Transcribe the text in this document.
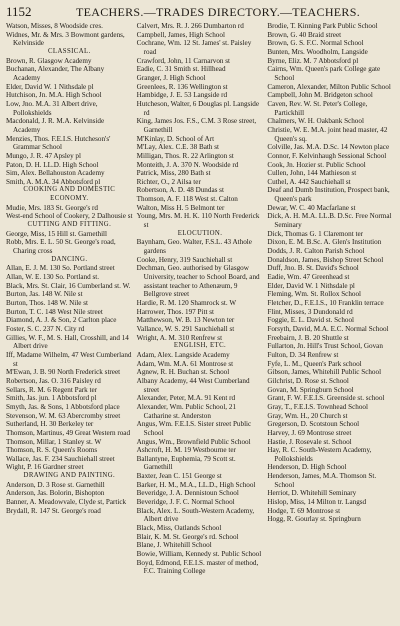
1152	TEACHERS.—TRADES DIRECTORY.—TEACHERS.
Watson, Misses, 8 Woodside cres.
Widnes, Mr. & Mrs. 3 Bowmont gardens, Kelvinside
CLASSICAL.
Brown, R. Glasgow Academy
Buchanan, Alexander, The Albany Academy
Elder, David W. 1 Nithsdale pl
Hutchison, Jn. M.A. High School
Low, Jno. M.A. 31 Albert drive, Pollokshields
Macdonald, J. R. M.A. Kelvinside Academy
Menzies, Thos. F.E.I.S. Hutcheson's' Grammar School
Mungo, J. R. 47 Apsley pl
Paton, D. H. LL.D. High School
Sim, Alex. Bellahouston Academy
Smith, A. M.A. 34 Abbotsford pl
COOKING AND DOMESTIC ECONOMY.
Mudie, Mrs. 183 St. George's rd
West-end School of Cookery, 2 Dalhousie st
CUTTING AND FITTING.
George, Miss, 15 Hill st. Garnethill
Robb, Mrs. E. L. 50 St. George's road, Charing cross
DANCING.
Allan, E. J. M. 130 So. Portland street
Allan, W. E. 130 So. Portland st.
Black, Mrs. St. Clair, 16 Cumberland st. W.
Burton, Jas. 148 W. Nile st
Burton, Thos. 148 W. Nile st
Burton, T. C. 148 West Nile street
Diamond, A. J. & Son, 2 Carlton place
Foster, S. C. 237 N. City rd
Gillies, W. F., M. S. Hall, Crosshill, and 14 Albert drive
Iff, Madame Wilhelm, 47 West Cumberland st
M'Ewan, J. B. 90 North Frederick street
Robertson, Jas. O. 316 Paisley rd
Sellars, R. M. 6 Regent Park ter
Smith, Jas. jun. 1 Abbotsford pl
Smyth, Jas. & Sons, 1 Abbotsford place
Stevenson, W. M. 63 Abercromby street
Sutherland, H. 30 Berkeley ter
Thomson, Martinus, 49 Great Western road
Thomson, Millar, 1 Stanley st. W
Thomson, R. S. Queen's Rooms
Wallace, Jas. F. 234 Sauchiehall street
Wight, P. 16 Gardner street
DRAWING AND PAINTING.
Anderson, D. 3 Rose st. Garnethill
Anderson, Jas. Bolorin, Bishopton
Banner, A. Meadowvale, Clyde st, Partick
Brydall, R. 147 St. George's road
Calvert, Mrs. R. J. 266 Dumbarton rd
Campbell, James, High School
Cochrane, Wm. 12 St. James' st. Paisley road
Crawford, John, 11 Carnarvon st
Eadie, C. 31 Smith st. Hillhead
Granger, J. High School
Greenlees, R. 136 Wellington st
Hambidge, J. E. 53 Langside rd
Hutcheson, Walter, 6 Douglas pl. Langside rd
King, James Jos. F.S., C.M. 3 Rose street, Garnethill
M'Kinlay, D. School of Art
M'Lay, Alex. C.E. 38 Bath st
Milligan, Thos. R. 22 Arlington st
Monteith, J. A. 370 N. Woodside rd
Patrick, Miss, 280 Bath st
Richter, O., 2 Ailsa ter
Robertson, A. D. 48 Dundas st
Thomson, A. F. 118 West st. Calton
Walton, Miss H. 5 Belmont ter
Young, Mrs. M. H. K. 110 North Frederick st
ELOCUTION.
Baynham, Geo. Walter, F.S.L. 43 Athole gardens
Cooke, Henry, 319 Sauchiehall st
Dechman, Geo. authorised by Glasgow University, teacher to School Board, and assistant teacher to Athenæum, 9 Bellgrove street
Hardie, R. M. 120 Shamrock st. W
Harrower, Thos. 197 Pitt st
Matthewson, W. B. 13 Newton ter
Vallance, W. S. 291 Sauchiehall st
Wright, A. M. 310 Renfrew st
ENGLISH, ETC.
Adam, Alex. Langside Academy
Adam, Wm. M.A. 61 Montrose st
Agnew, R. H. Buchan st. School
Albany Academy, 44 West Cumberland street
Alexander, Peter, M.A. 91 Kent rd
Alexander, Wm. Public School, 21 Catharine st. Anderston
Angus, Wm. F.E.I.S. Sister street Public School
Angus, Wm., Brownfield Public School
Ashcroft, H. M. 19 Westbourne ter
Ballantyne, Euphemia, 79 Scott st. Garnethill
Baxter, Jean C. 151 George st
Barker, H. M., M.A., LL.D., High School
Beveridge, J. A. Dennistoun School
Beveridge, J. F. C. Normal School
Black, Alex. L. South-Western Academy, Albert drive
Black, Miss, Oatlands School
Blair, K. M. St. George's rd. School
Blane, J. Whitehill School
Bowie, William, Kennedy st. Public School
Boyd, Edmond, F.E.I.S. master of method, F.C. Training College
Brodie, T. Kinning Park Public School
Brown, G. 40 Braid street
Brown, G. S. F.C. Normal School
Bunten, Mrs. Woodholm, Langside
Byrne, Eliz. M. 7 Abbotsford pl
Cairns, Wm. Queen's park College gate School
Cameron, Alexander, Milton Public School
Campbell, John M. Bridgeton school
Caven, Rev. W. St. Peter's College, Partickhill
Chalmers, W. H. Oakbank School
Christie, W. E. M.A. joint head master, 42 Queen's sq.
Colville, Jas. M.A. D.Sc. 14 Newton place
Connor, F. Kelvinhaugh Sessional School
Cook, Jn. Hozier st. Public School
Cullen, John, 144 Mathieson st
Cuthel, A. 442 Sauchiehall st
Deaf and Dumb Institution, Prospect bank, Queen's park
Dewar, W. C. 40 Macfarlane st
Dick, A. H. M.A. LL.B. D.Sc. Free Normal Seminary
Dick, Thomas G. 1 Claremont ter
Dixon, E. M. B.Sc. A. Glen's Institution
Dodds, J. R. Calton Parish School
Donaldson, James, Bishop Street School
Duff, Jno. B. St. David's School
Eadie, Wm. 47 Greenhead st
Elder, David W. 1 Nithsdale pl
Fleming, Wm. St. Rollox School
Fletcher, D., F.E.I.S., 10 Franklin terrace
Flint, Misses, 3 Dundonald rd
Foggie, E. L. David st. School
Forsyth, David, M.A. E.C. Normal School
Freebairn, J. B. 20 Shuttle st
Fullarton, Jn. Hill's Trust School, Govan
Fulton, D. 34 Renfrew st
Fyfe, L. M., Queen's Park school
Gibson, James, Whitehill Public School
Gilchrist, D. Rose st. School
Govan, M. Springburn School
Grant, F. W. F.E.I.S. Greenside st. school
Gray, T., F.E.I.S. Townhead School
Gray, Wm. H., 20 Church st
Gregerson, D. Scotstoun School
Harvey, J. 69 Montrose street
Hastie, J. Rosevale st. School
Hay, R. C. South-Western Academy, Pollokshields
Henderson, D. High School
Henderson, James, M.A. Thomson St. School
Herriot, D. Whitehill Seminary
Hislop, Miss, 14 Milton tr. Langsd
Hodge, T. 69 Montrose st
Hogg, R. Gourlay st. Springburn
